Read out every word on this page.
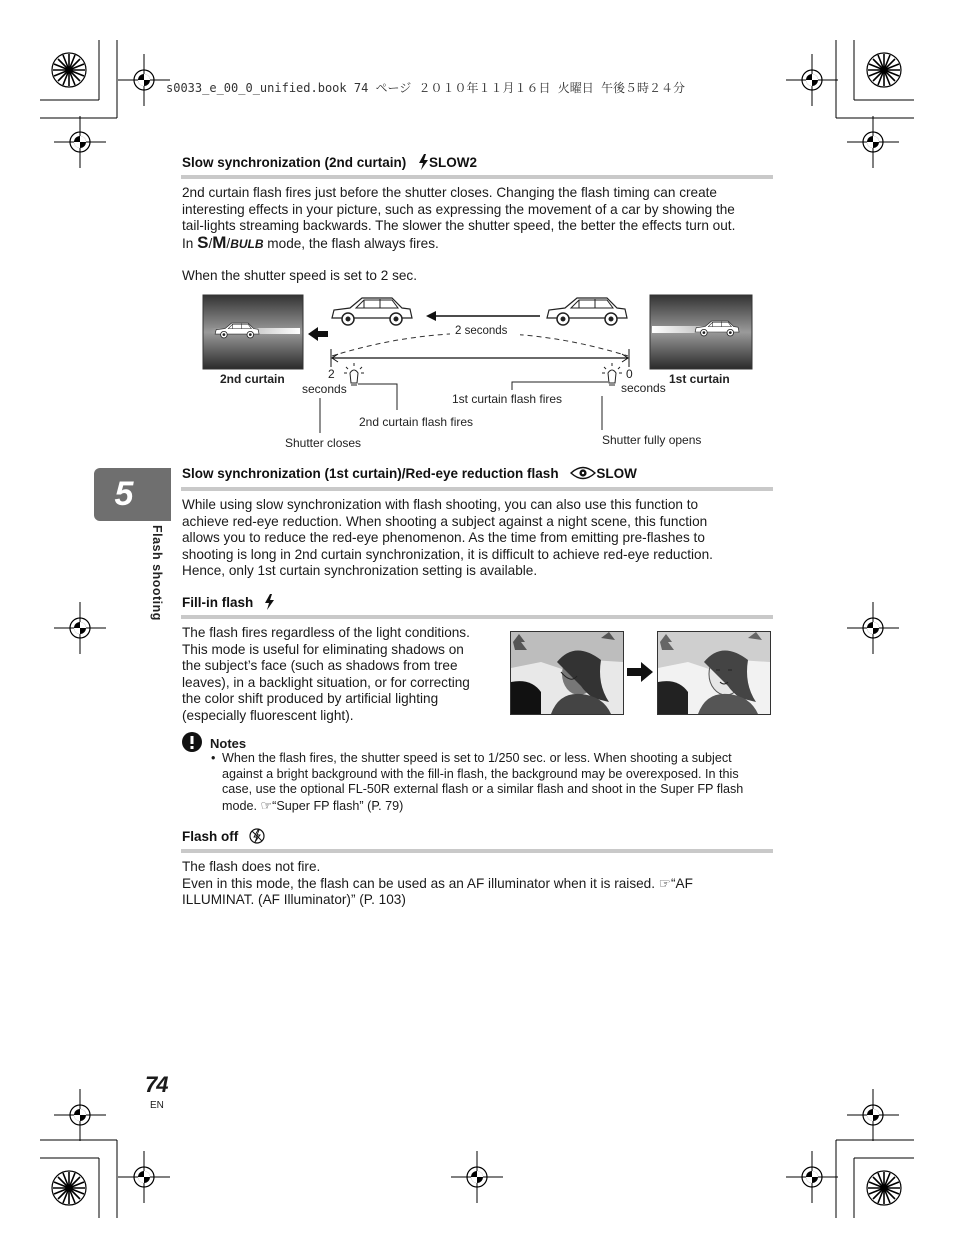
s0033_e_00_0_unified.book 74 ページ ２０１０年１１月１６日 火曜日 午後５時２４分
5
Flash shooting
Slow synchronization (2nd curtain) SLOW2

2nd curtain flash fires just before the shutter closes. Changing the flash timing can create

interesting effects in your picture, such as expressing the movement of a car by showing the

tail-lights streaming backwards. The slower the shutter speed, the better the effects turn out.

In S/M/BULB mode, the flash always fires.

When the shutter speed is set to 2 sec.
2 seconds
2nd curtain	1st curtain
2
seconds
0
seconds
1st curtain flash fires
2nd curtain flash fires
Shutter closes	Shutter fully opens
Slow synchronization (1st curtain)/Red-eye reduction flash	SLOW

While using slow synchronization with flash shooting, you can also use this function to

achieve red-eye reduction. When shooting a subject against a night scene, this function

allows you to reduce the red-eye phenomenon. As the time from emitting pre-flashes to

shooting is long in 2nd curtain synchronization, it is difficult to achieve red-eye reduction.

Hence, only 1st curtain synchronization setting is available.

Fill-in flash

The flash fires regardless of the light conditions.

This mode is useful for eliminating shadows on

the subject’s face (such as shadows from tree

leaves), in a backlight situation, or for correcting

the color shift produced by artificial lighting

(especially fluorescent light).

Notes
• When the flash fires, the shutter speed is set to 1/250 sec. or less. When shooting a subject
against a bright background with the fill-in flash, the background may be overexposed. In this
case, use the optional FL-50R external flash or a similar flash and shoot in the Super FP flash
mode. ☞“Super FP flash” (P. 79)
Flash off

The flash does not fire.

Even in this mode, the flash can be used as an AF illuminator when it is raised. ☞“AF

ILLUMINAT. (AF Illuminator)” (P. 103)

74
EN
